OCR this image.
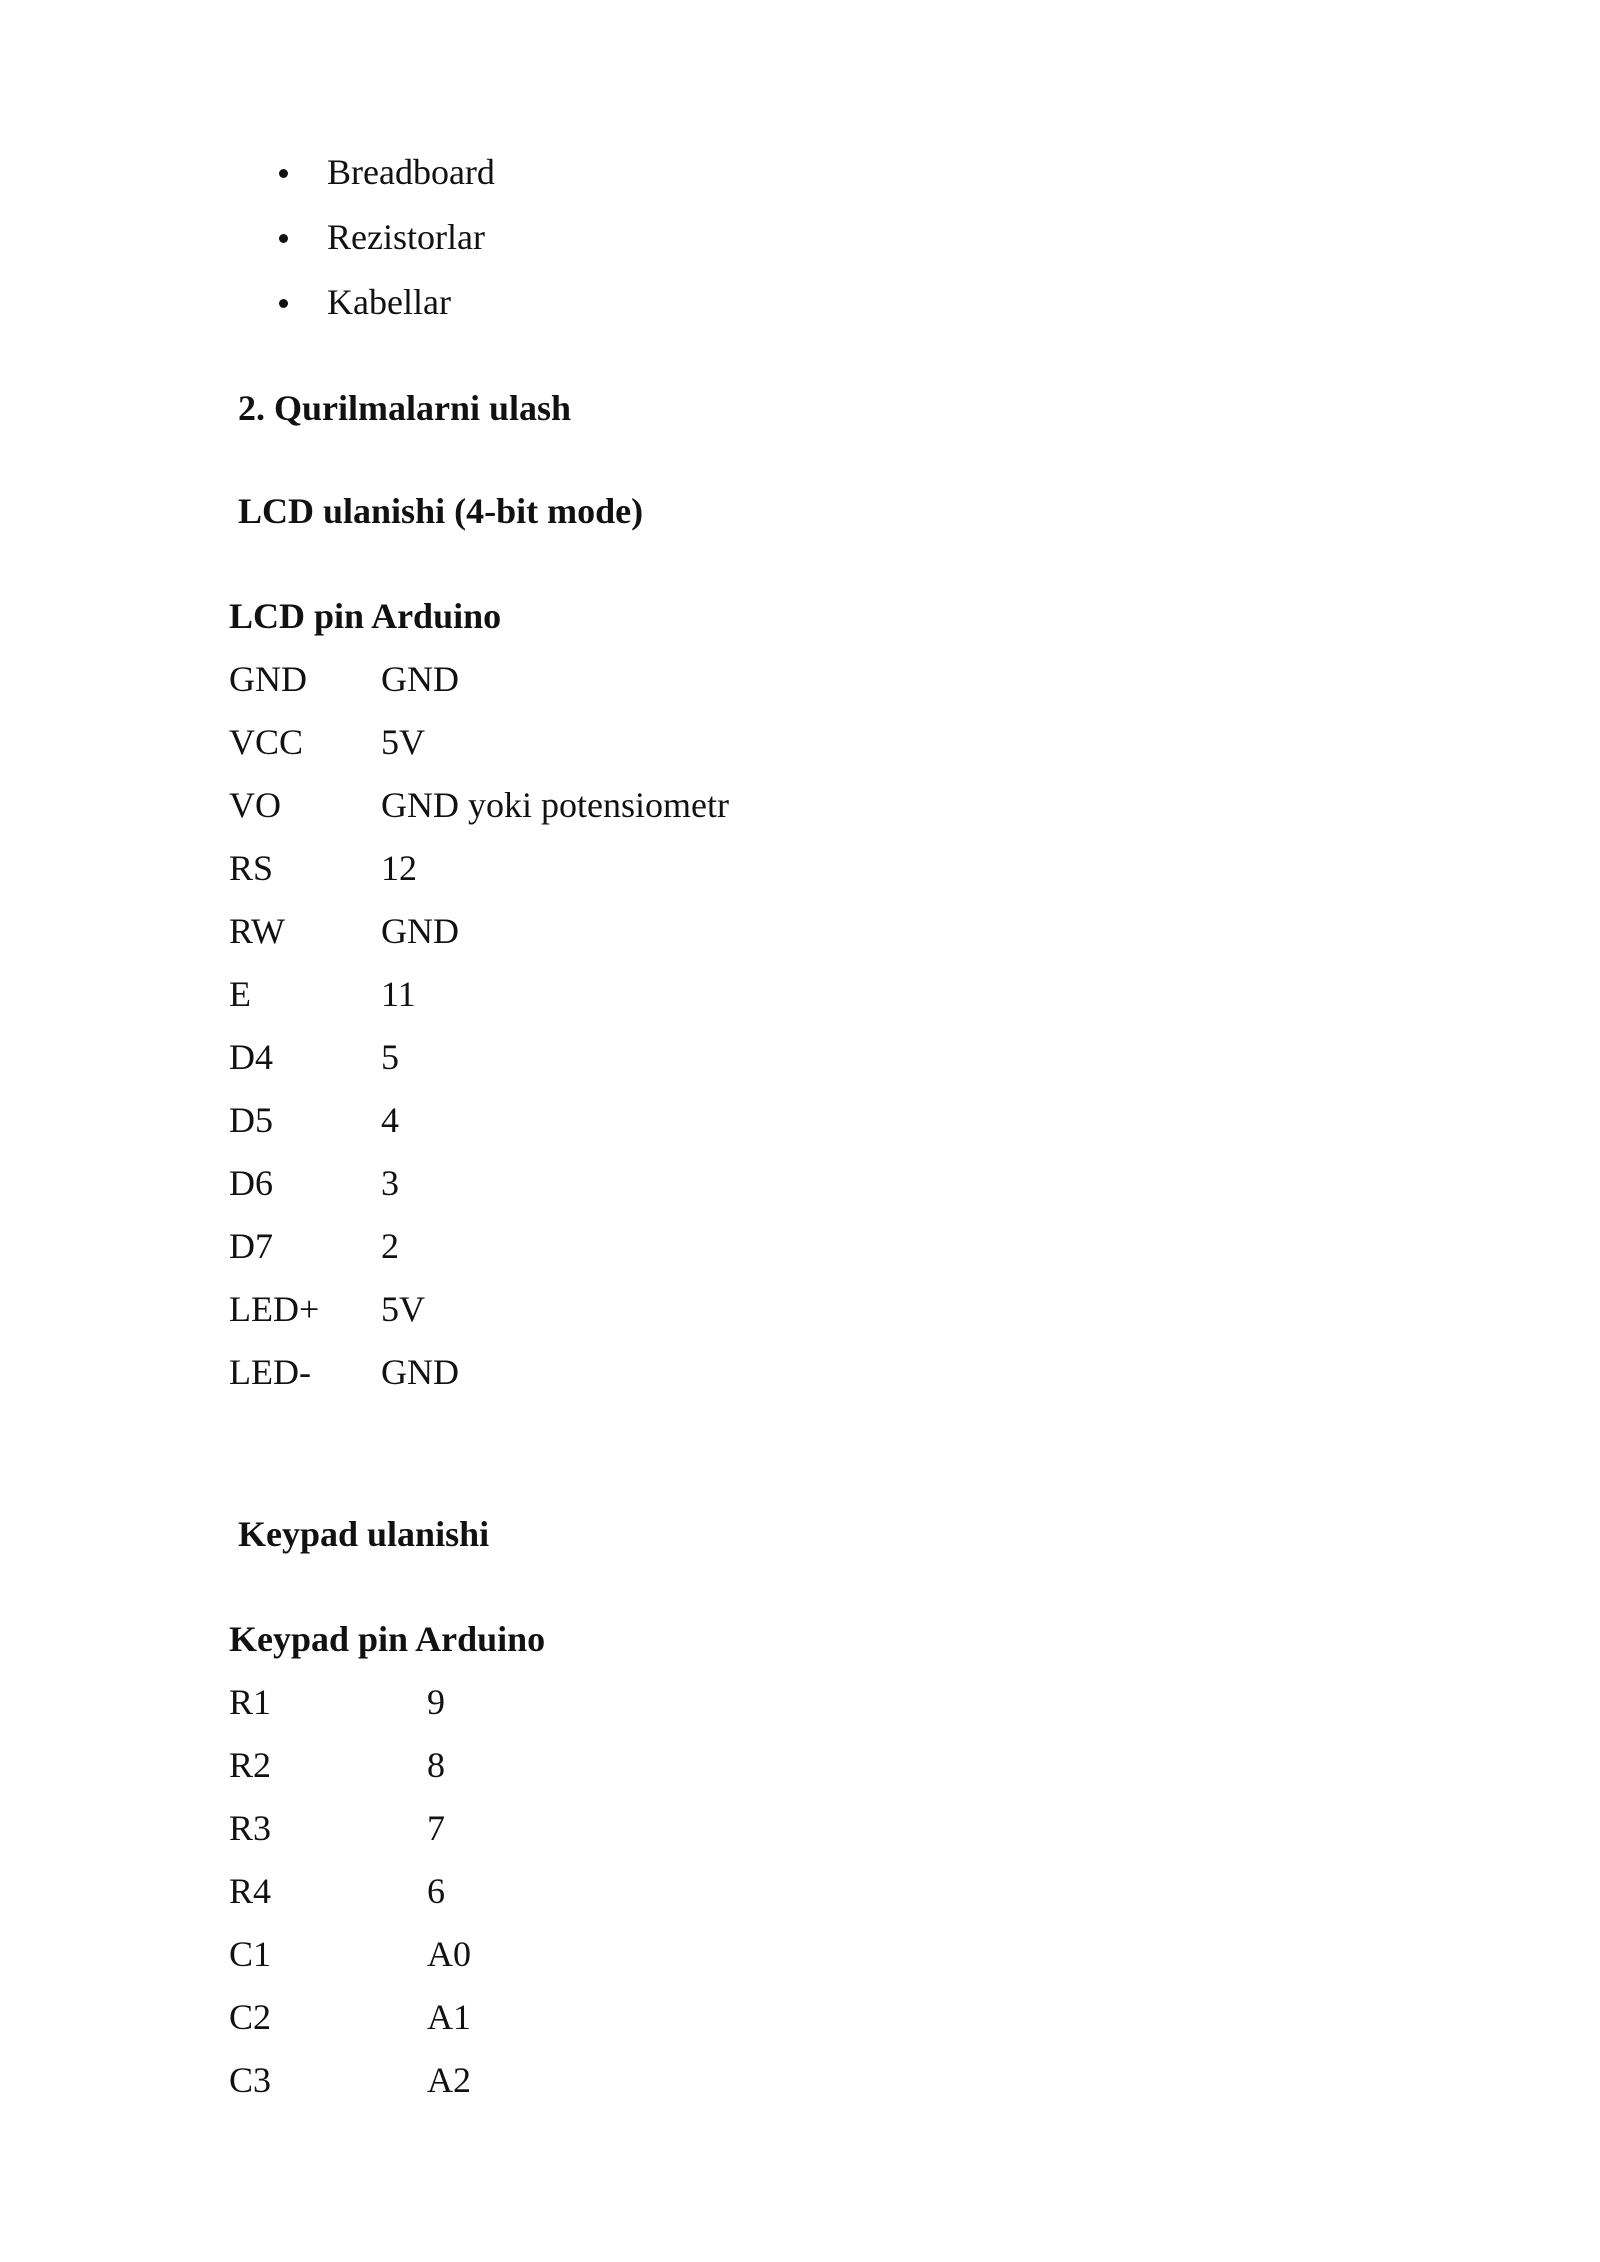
Breadboard
Rezistorlar
Kabellar
2. Qurilmalarni ulash
LCD ulanishi (4-bit mode)
LCD pin Arduino	
GND	GND
VCC	5V
VO	GND yoki potensiometr
RS	12
RW	GND
E	11
D4	5
D5	4
D6	3
D7	2
LED+	5V
LED-	GND
Keypad ulanishi
Keypad pin Arduino	
R1	9
R2	8
R3	7
R4	6
C1	A0
C2	A1
C3	A2
